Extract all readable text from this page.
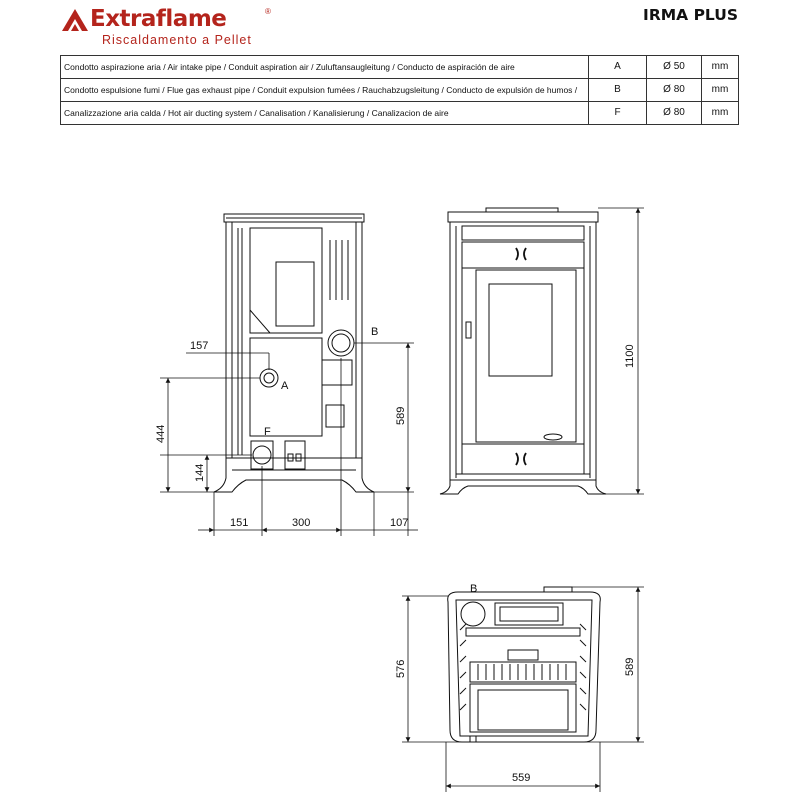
Extraflame	®
Riscaldamento a Pellet
IRMA PLUS
Condotto aspirazione aria / Air intake pipe / Conduit aspiration air / Zuluftansaugleitung / Conducto de aspiración de aire	A	Ø 50	mm
Condotto espulsione fumi / Flue gas exhaust pipe / Conduit expulsion fumées / Rauchabzugsleitung / Conducto de expulsión de humos /	B	Ø 80	mm
Canalizzazione aria calda / Hot air ducting system / Canalisation / Kanalisierung / Canalizacion de aire	F	Ø 80	mm
157
444
144
589
151	300	107
A
B
F
1100
B
576	589
559
